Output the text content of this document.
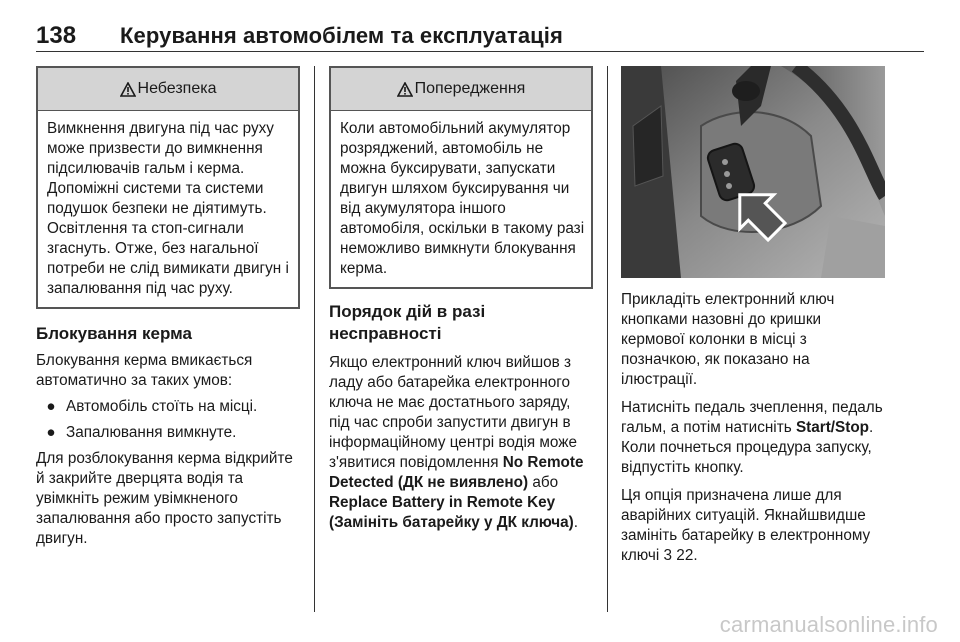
138	Керування автомобілем та експлуатація
Небезпека

Вимкнення двигуна під час руху може призвести до вимкнення підсилювачів гальм і керма. Допоміжні системи та системи подушок безпеки не діятимуть. Освітлення та стоп-сигнали згаснуть. Отже, без нагальної потреби не слід вимикати двигун і запалювання під час руху.

Блокування керма

Блокування керма вмикається автоматично за таких умов:

● Автомобіль стоїть на місці.
● Запалювання вимкнуте.

Для розблокування керма відкрийте й закрийте дверцята водія та увімкніть режим увімкненого запалювання або просто запустіть двигун.

Попередження

Коли автомобільний акумулятор розряджений, автомобіль не можна буксирувати, запускати двигун шляхом буксирування чи від акумулятора іншого автомобіля, оскільки в такому разі неможливо вимкнути блокування керма.

Порядок дій в разі несправності

Якщо електронний ключ вийшов з ладу або батарейка електронного ключа не має достатнього заряду, під час спроби запустити двигун в інформаційному центрі водія може з'явитися повідомлення No Remote Detected (ДК не виявлено) або Replace Battery in Remote Key (Замініть батарейку у ДК ключа).

Прикладіть електронний ключ кнопками назовні до кришки кермової колонки в місці з позначкою, як показано на ілюстрації.

Натисніть педаль зчеплення, педаль гальм, а потім натисніть Start/Stop. Коли почнеться процедура запуску, відпустіть кнопку.

Ця опція призначена лише для аварійних ситуацій. Якнайшвидше замініть батарейку в електронному ключі 3 22.

carmanualsonline.info
